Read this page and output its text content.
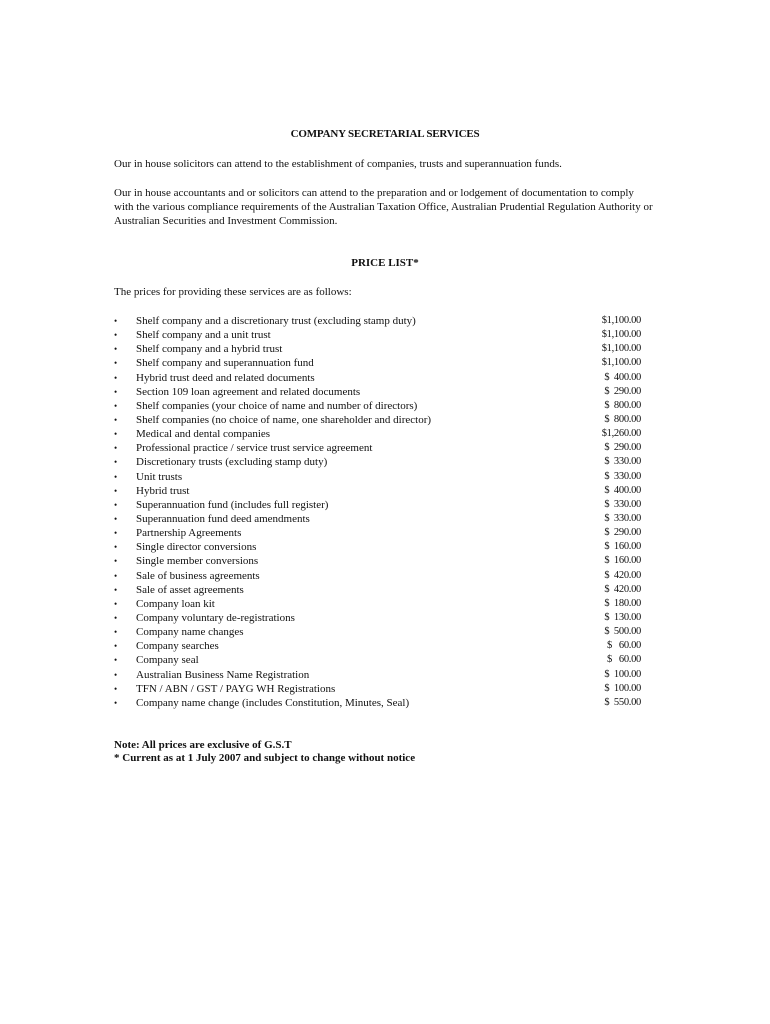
COMPANY SECRETARIAL SERVICES
Our in house solicitors can attend to the establishment of companies, trusts and superannuation funds.
Our in house accountants and or solicitors can attend to the preparation and or lodgement of documentation to comply with the various compliance requirements of the Australian Taxation Office, Australian Prudential Regulation Authority or Australian Securities and Investment Commission.
PRICE LIST*
The prices for providing these services are as follows:
•	Shelf company and a discretionary trust (excluding stamp duty)	$1,100.00
•	Shelf company and a unit trust	$1,100.00
•	Shelf company and a hybrid trust	$1,100.00
•	Shelf company and superannuation fund	$1,100.00
•	Hybrid trust deed and related documents	$  400.00
•	Section 109 loan agreement and related documents	$  290.00
•	Shelf companies (your choice of name and number of directors)	$  800.00
•	Shelf companies (no choice of name, one shareholder and director)	$  800.00
•	Medical and dental companies	$1,260.00
•	Professional practice / service trust service agreement	$  290.00
•	Discretionary trusts (excluding stamp duty)	$  330.00
•	Unit trusts	$  330.00
•	Hybrid trust	$  400.00
•	Superannuation fund (includes full register)	$  330.00
•	Superannuation fund deed amendments	$  330.00
•	Partnership Agreements	$  290.00
•	Single director conversions	$  160.00
•	Single member conversions	$  160.00
•	Sale of business agreements	$  420.00
•	Sale of asset agreements	$  420.00
•	Company loan kit	$  180.00
•	Company voluntary de-registrations	$  130.00
•	Company name changes	$  500.00
•	Company searches	$   60.00
•	Company seal	$   60.00
•	Australian Business Name Registration	$  100.00
•	TFN / ABN / GST / PAYG WH Registrations	$  100.00
•	Company name change (includes Constitution, Minutes, Seal)	$  550.00
Note: All prices are exclusive of G.S.T
* Current as at 1 July 2007 and subject to change without notice
